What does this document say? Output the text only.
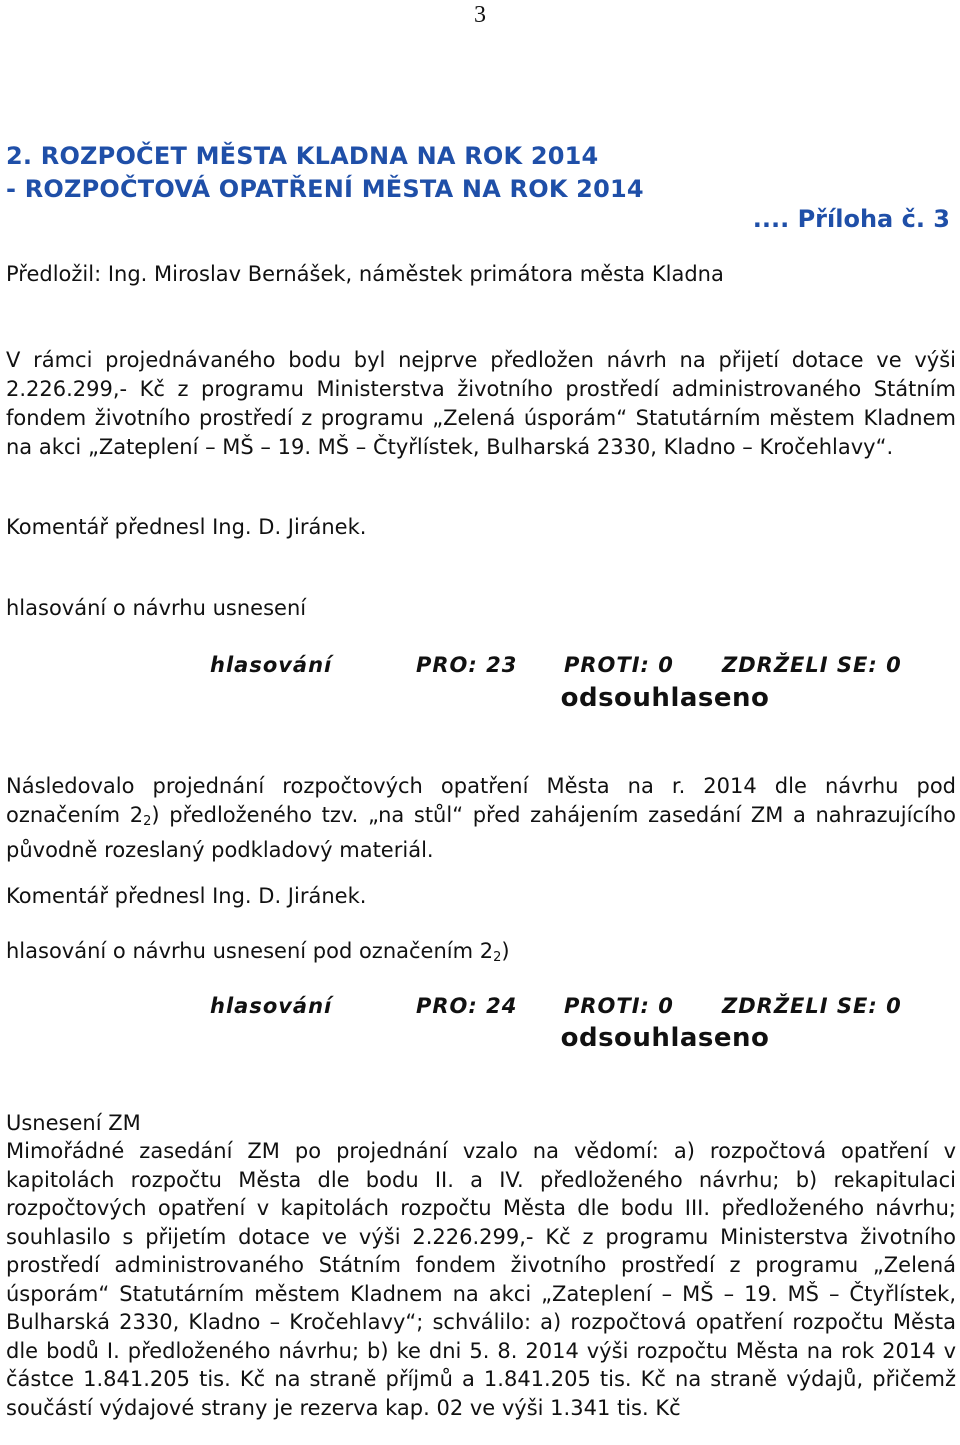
3
2. ROZPOČET MĚSTA KLADNA NA ROK 2014
- ROZPOČTOVÁ OPATŘENÍ MĚSTA NA ROK 2014
.... Příloha č. 3
Předložil: Ing. Miroslav Bernášek, náměstek primátora města Kladna
V rámci projednávaného bodu byl nejprve předložen návrh na přijetí dotace ve výši 2.226.299,- Kč z programu Ministerstva životního prostředí administrovaného Státním fondem životního prostředí z programu „Zelená úsporám“ Statutárním městem Kladnem na akci „Zateplení – MŠ – 19. MŠ – Čtyřlístek, Bulharská 2330, Kladno – Kročehlavy“.
Komentář přednesl Ing. D. Jiránek.
hlasování o návrhu usnesení
hlasování	PRO: 23 PROTI: 0 ZDRŽELI SE: 0
odsouhlaseno
Následovalo projednání rozpočtových opatření Města na r. 2014 dle návrhu pod označením $2_2$) předloženého tzv. „na stůl“ před zahájením zasedání ZM a nahrazujícího původně rozeslaný podkladový materiál.
Komentář přednesl Ing. D. Jiránek.
hlasování o návrhu usnesení pod označením $2_2$)
hlasování	PRO: 24 PROTI: 0 ZDRŽELI SE: 0
odsouhlaseno
Usnesení ZM
Mimořádné zasedání ZM po projednání vzalo na vědomí: a) rozpočtová opatření v kapitolách rozpočtu Města dle bodu II. a IV. předloženého návrhu; b) rekapitulaci rozpočtových opatření v kapitolách rozpočtu Města dle bodu III. předloženého návrhu; souhlasilo s přijetím dotace ve výši 2.226.299,- Kč z programu Ministerstva životního prostředí administrovaného Státním fondem životního prostředí z programu „Zelená úsporám“ Statutárním městem Kladnem na akci „Zateplení – MŠ – 19. MŠ – Čtyřlístek, Bulharská 2330, Kladno – Kročehlavy“; schválilo: a) rozpočtová opatření rozpočtu Města dle bodů I. předloženého návrhu; b) ke dni 5. 8. 2014 výši rozpočtu Města na rok 2014 v částce 1.841.205 tis. Kč na straně příjmů a 1.841.205 tis. Kč na straně výdajů, přičemž součástí výdajové strany je rezerva kap. 02 ve výši 1.341 tis. Kč
